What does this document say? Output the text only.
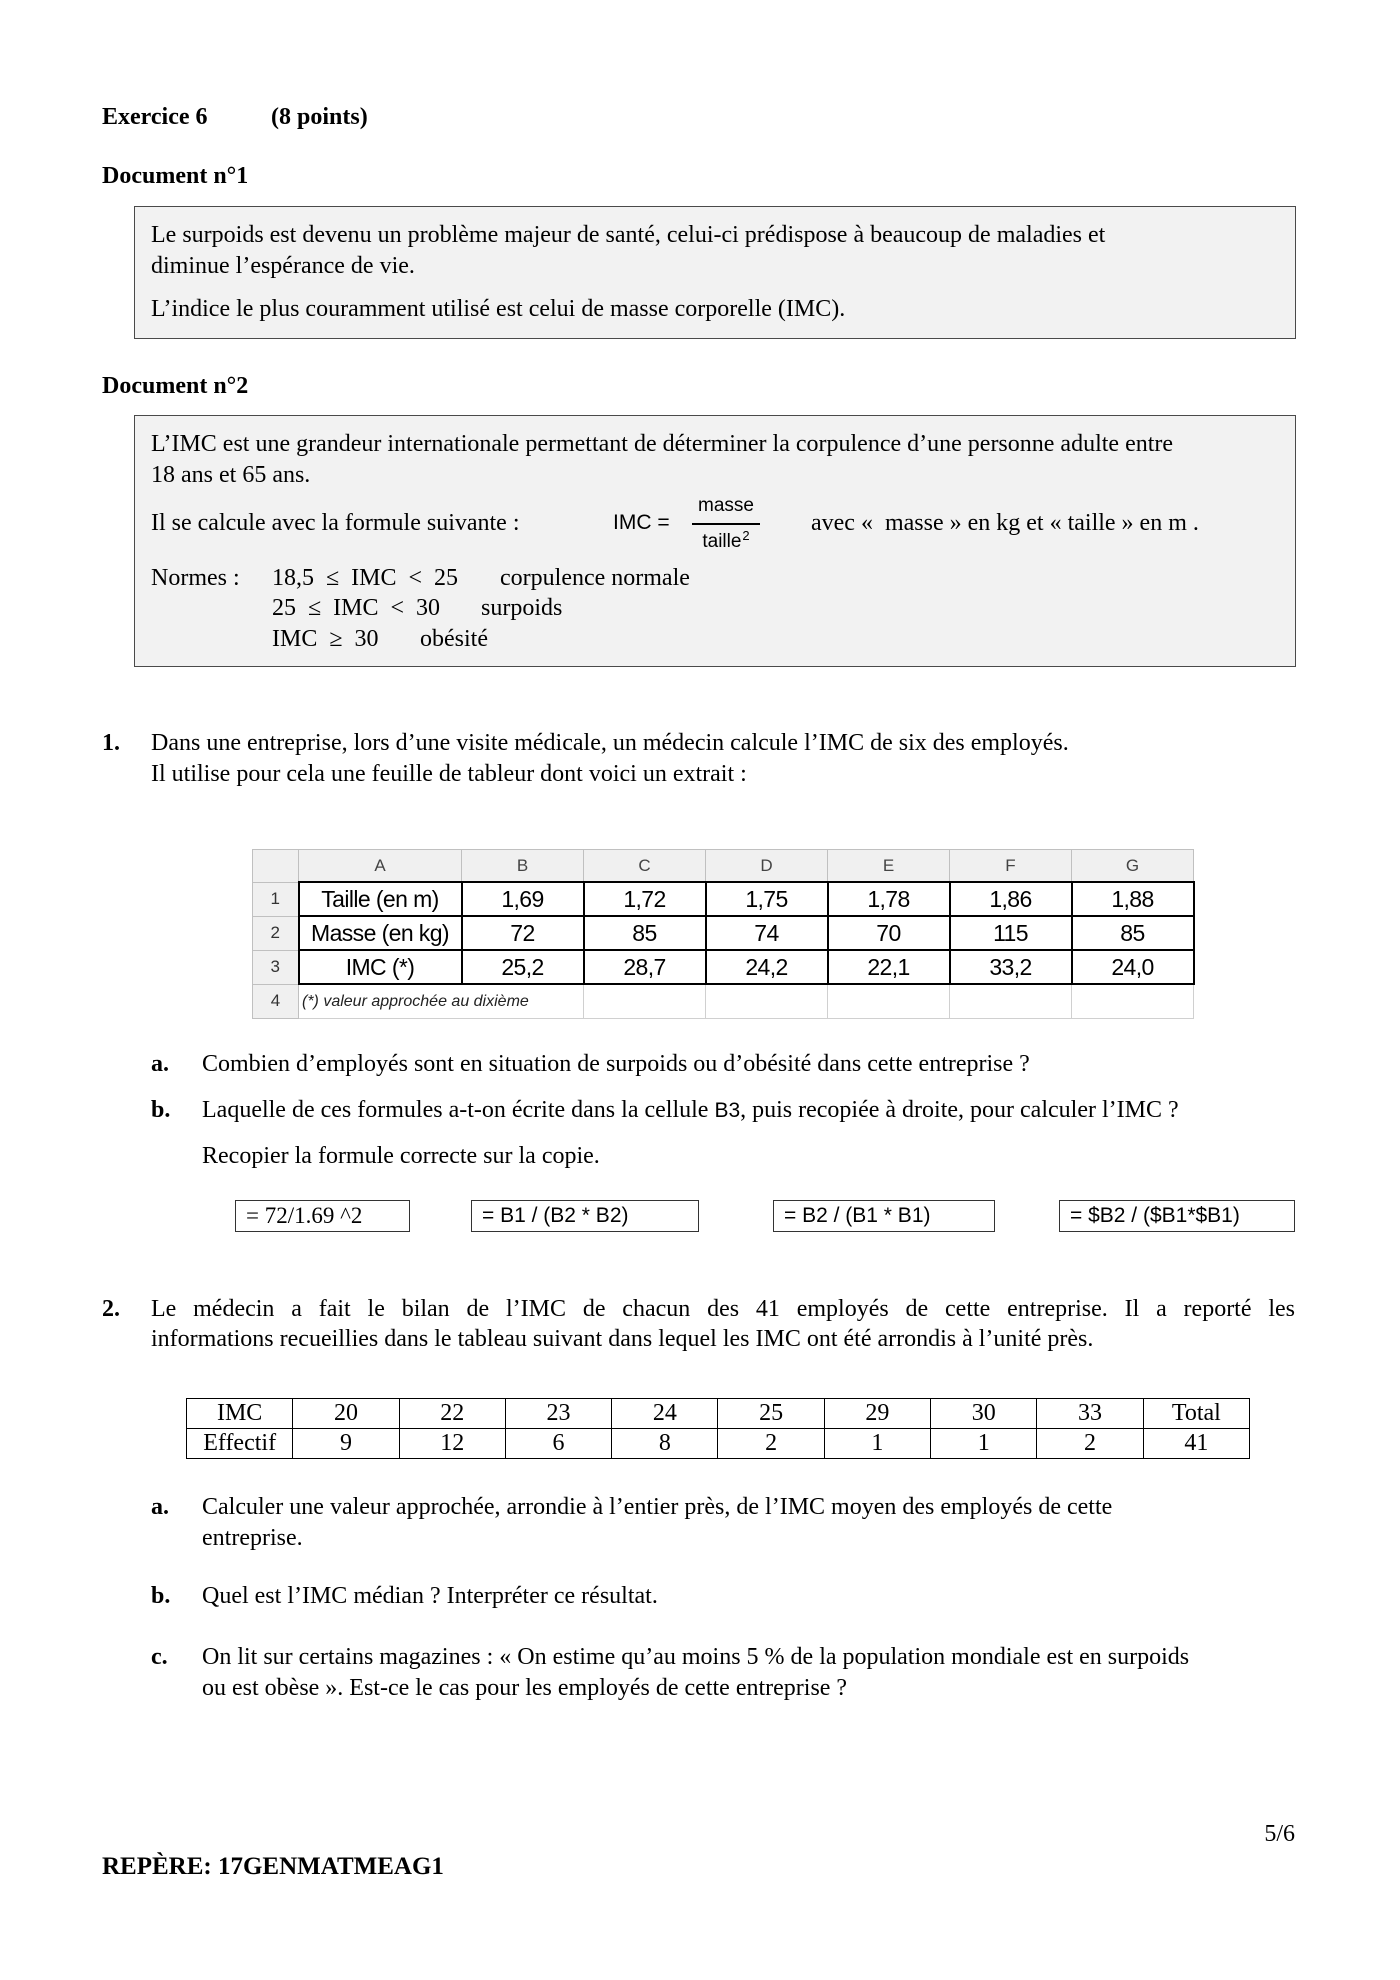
Exercice 6	(8 points)
Document n°1
Le surpoids est devenu un problème majeur de santé, celui-ci prédispose à beaucoup de maladies et
diminue l’espérance de vie.
L’indice le plus couramment utilisé est celui de masse corporelle (IMC).
Document n°2
L’IMC est une grandeur internationale permettant de déterminer la corpulence d’une personne adulte entre
18 ans et 65 ans.
Il se calcule avec la formule suivante :	IMC =
masse
taille$^2$	avec «  masse » en kg et « taille » en m .
Normes : 18,5  ≤  IMC  <  25 corpulence normale
25  ≤  IMC  <  30 surpoids
IMC  ≥  30 obésité
1. Dans une entreprise, lors d’une visite médicale, un médecin calcule l’IMC de six des employés.
Il utilise pour cela une feuille de tableur dont voici un extrait :
	A	B	C	D	E	F	G
1	Taille (en m)	1,69	1,72	1,75	1,78	1,86	1,88
2	Masse (en kg)	72	85	74	70	115	85
3	IMC (*)	25,2	28,7	24,2	22,1	33,2	24,0
4	(*) valeur approchée au dixième						
a. Combien d’employés sont en situation de surpoids ou d’obésité dans cette entreprise ?
b. Laquelle de ces formules a-t-on écrite dans la cellule B3, puis recopiée à droite, pour calculer l’IMC ?
Recopier la formule correcte sur la copie.
= 72/1.69 ^2	= B1 / (B2 * B2)	= B2 / (B1 * B1)	= $B2 / ($B1*$B1)
2. Le médecin a fait le bilan de l’IMC de chacun des 41 employés de cette entreprise. Il a reporté les
informations recueillies dans le tableau suivant dans lequel les IMC ont été arrondis à l’unité près.
IMC	20	22	23	24	25	29	30	33	Total
Effectif	9	12	6	8	2	1	1	2	41
a. Calculer une valeur approchée, arrondie à l’entier près, de l’IMC moyen des employés de cette
entreprise.
b. Quel est l’IMC médian ? Interpréter ce résultat.
c. On lit sur certains magazines : « On estime qu’au moins 5 % de la population mondiale est en surpoids
ou est obèse ». Est-ce le cas pour les employés de cette entreprise ?
5/6
REPÈRE: 17GENMATMEAG1
